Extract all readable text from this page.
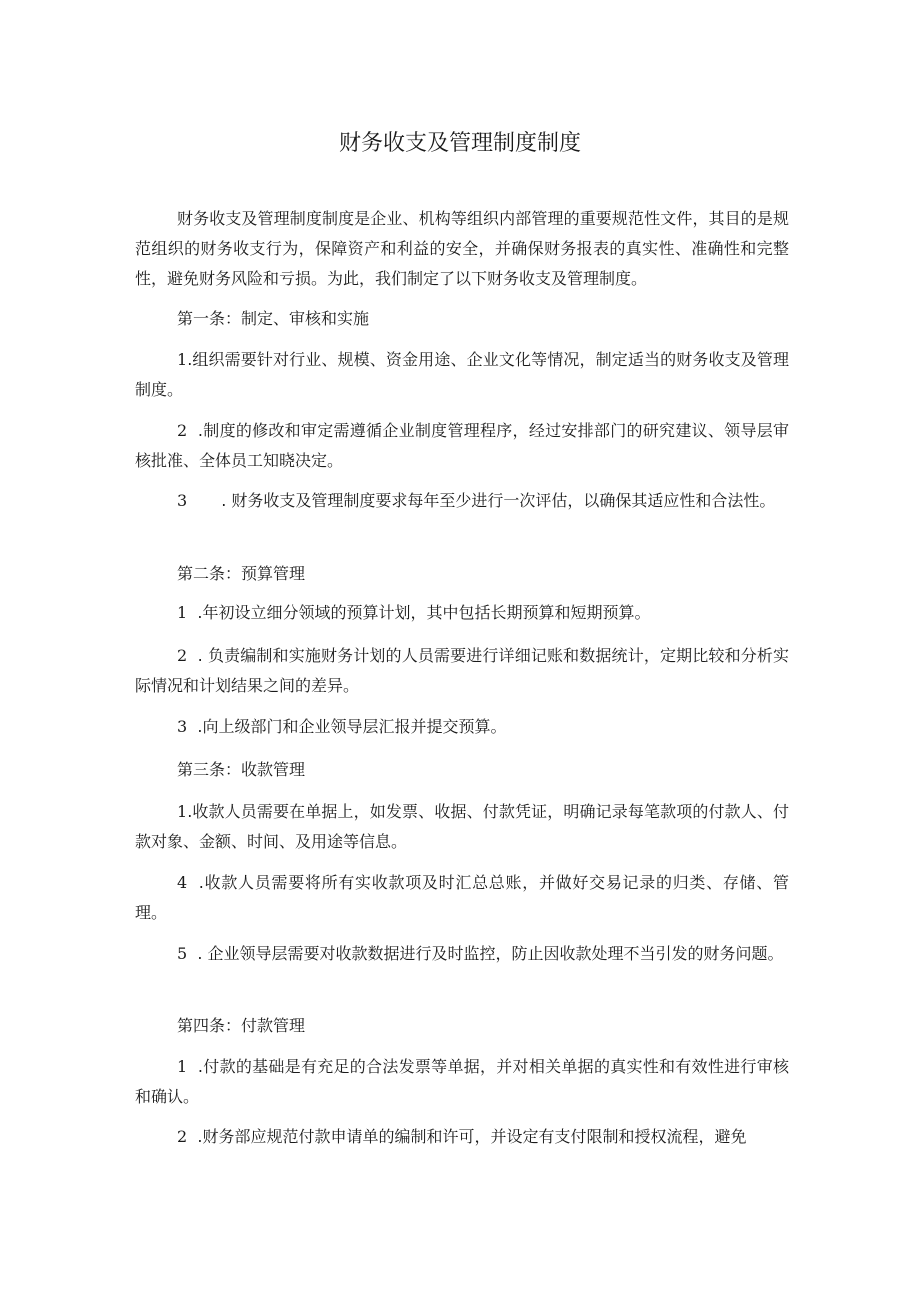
财务收支及管理制度制度

财务收支及管理制度制度是企业、机构等组织内部管理的重要规范性文件，其目的是规范组织的财务收支行为，保障资产和利益的安全，并确保财务报表的真实性、准确性和完整性，避免财务风险和亏损。为此，我们制定了以下财务收支及管理制度。

第一条：制定、审核和实施

1.组织需要针对行业、规模、资金用途、企业文化等情况，制定适当的财务收支及管理制度。

2 .制度的修改和审定需遵循企业制度管理程序，经过安排部门的研究建议、领导层审核批准、全体员工知晓决定。

3 . 财务收支及管理制度要求每年至少进行一次评估，以确保其适应性和合法性。

第二条：预算管理

1 .年初设立细分领域的预算计划，其中包括长期预算和短期预算。

2 . 负责编制和实施财务计划的人员需要进行详细记账和数据统计，定期比较和分析实际情况和计划结果之间的差异。

3 .向上级部门和企业领导层汇报并提交预算。

第三条：收款管理

1.收款人员需要在单据上，如发票、收据、付款凭证，明确记录每笔款项的付款人、付款对象、金额、时间、及用途等信息。

4 .收款人员需要将所有实收款项及时汇总总账，并做好交易记录的归类、存储、管理。

5 . 企业领导层需要对收款数据进行及时监控，防止因收款处理不当引发的财务问题。

第四条：付款管理

1 .付款的基础是有充足的合法发票等单据，并对相关单据的真实性和有效性进行审核和确认。

2 .财务部应规范付款申请单的编制和许可，并设定有支付限制和授权流程，避免
